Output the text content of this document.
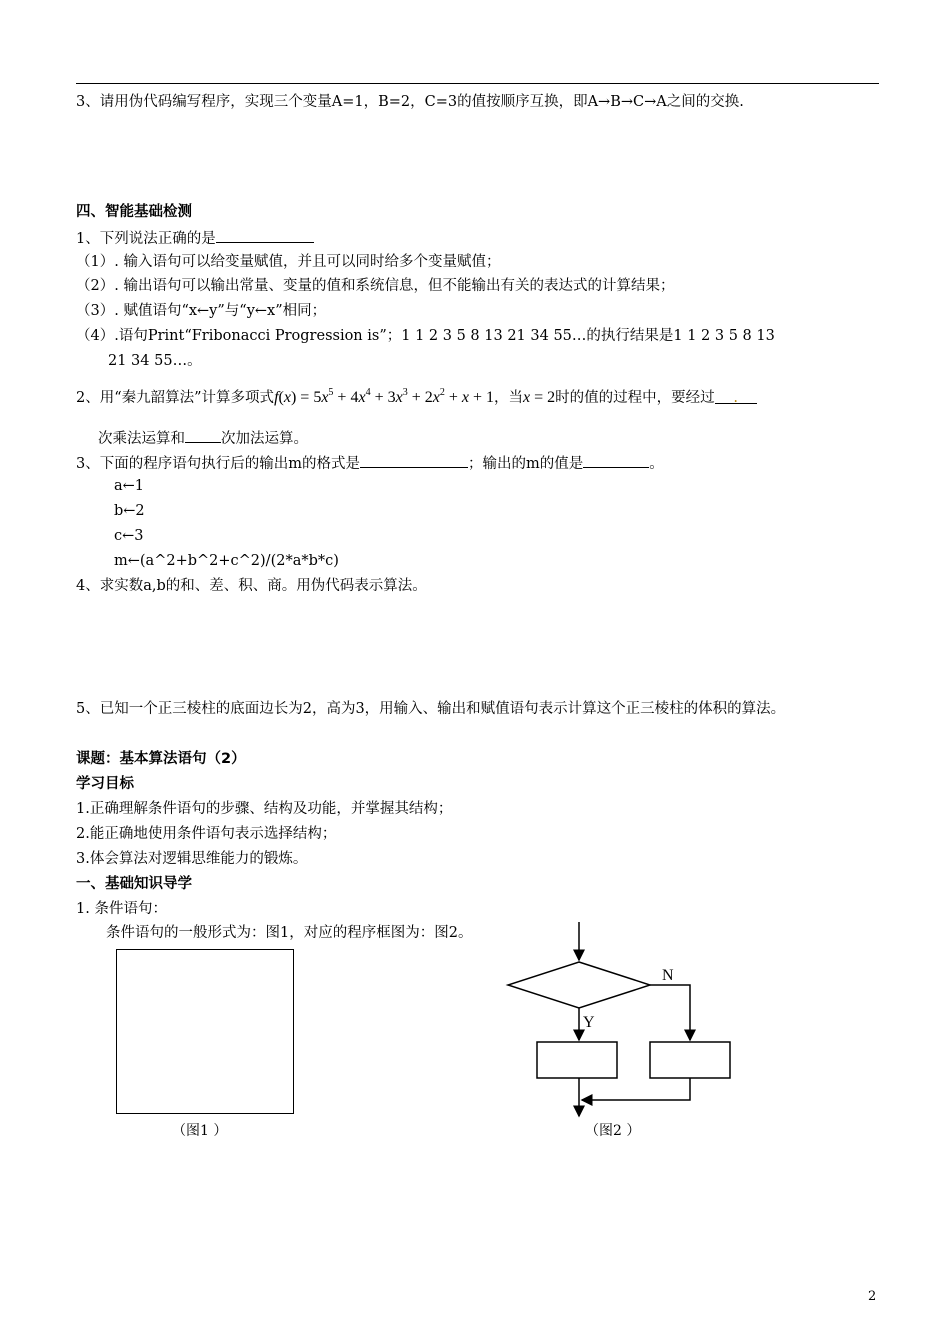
3、请用伪代码编写程序，实现三个变量A=1，B=2，C=3的值按顺序互换，即A→B→C→A之间的交换.
四、智能基础检测
1、下列说法正确的是
（1）. 输入语句可以给变量赋值，并且可以同时给多个变量赋值；
（2）. 输出语句可以输出常量、变量的值和系统信息，但不能输出有关的表达式的计算结果；
（3）. 赋值语句“x←y”与“y←x”相同；
（4）.语句Print“Fribonacci Progression is”；1 1 2 3 5 8 13 21 34 55…的执行结果是1 1 2 3 5 8 13
21 34 55…。
2、用“秦九韶算法”计算多项式$f(x) = 5x^5 + 4x^4 + 3x^3 + 2x^2 + x + 1$，当x = 2时的值的过程中，要经过 .
次乘法运算和 次加法运算。
3、下面的程序语句执行后的输出m的格式是	；输出的m的值是	。
a←1
b←2
c←3
m←(a^2+b^2+c^2)/(2*a*b*c)
4、求实数a,b的和、差、积、商。用伪代码表示算法。
5、已知一个正三棱柱的底面边长为2，高为3，用输入、输出和赋值语句表示计算这个正三棱柱的体积的算法。
课题：基本算法语句（2）
学习目标
1.正确理解条件语句的步骤、结构及功能，并掌握其结构；
2.能正确地使用条件语句表示选择结构；
3.体会算法对逻辑思维能力的锻炼。
一、基础知识导学
1. 条件语句：
条件语句的一般形式为：图1，对应的程序框图为：图2。
（图1 ）
N
Y
（图2 ）
2
